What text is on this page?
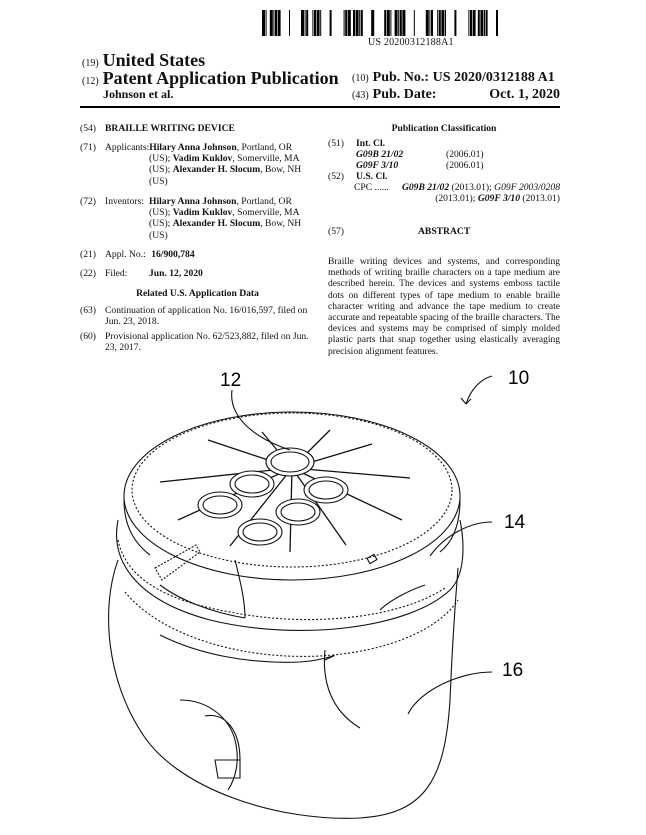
US 20200312188A1
(19) United States
(12) Patent Application Publication
Johnson et al.
(10) Pub. No.: US 2020/0312188 A1
(43) Pub. Date:	Oct. 1, 2020
(54) BRAILLE WRITING DEVICE
(71) Applicants: Hilary Anna Johnson, Portland, OR (US); Vadim Kuklov, Somerville, MA (US); Alexander H. Slocum, Bow, NH (US)
(72) Inventors: Hilary Anna Johnson, Portland, OR (US); Vadim Kuklov, Somerville, MA (US); Alexander H. Slocum, Bow, NH (US)
(21) Appl. No.: 16/900,784
(22) Filed: Jun. 12, 2020
Related U.S. Application Data
(63) Continuation of application No. 16/016,597, filed on Jun. 23, 2018.
(60) Provisional application No. 62/523,882, filed on Jun. 23, 2017.
Publication Classification
(51) Int. Cl.
G09B 21/02	(2006.01)
G09F 3/10	(2006.01)
(52) U.S. Cl.

CPC ...... G09B 21/02 (2013.01); G09F 2003/0208
(2013.01); G09F 3/10 (2013.01)
(57)	ABSTRACT
Braille writing devices and systems, and corresponding methods of writing braille characters on a tape medium are described herein. The devices and systems emboss tactile dots on different types of tape medium to enable braille character writing and advance the tape medium to create accurate and repeatable spacing of the braille characters. The devices and systems may be comprised of simply molded plastic parts that snap together using elastically averaging precision alignment features.
12	10
14
16
